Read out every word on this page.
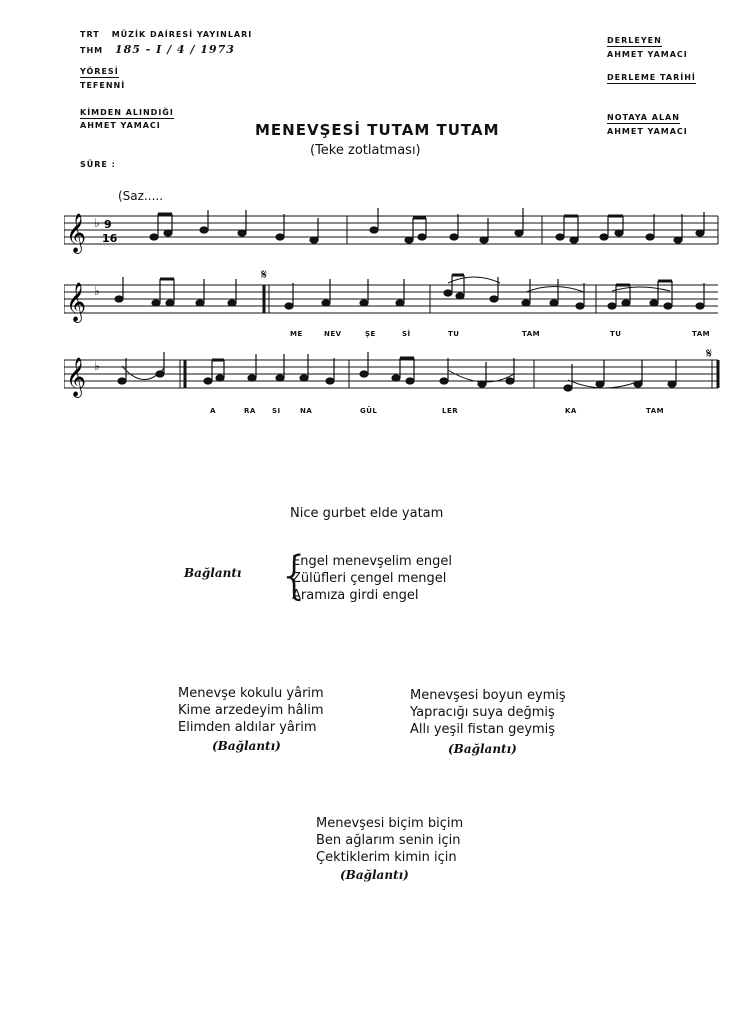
TRT MÜZİK DAİRESİ YAYINLARI
THM 185 - I / 4 / 1973
YÖRESİ
TEFENNİ
KİMDEN ALINDIĞI
AHMET YAMACI
SÜRE :
DERLEYEN
AHMET YAMACI
DERLEME TARİHİ
NOTAYA ALAN
AHMET YAMACI
MENEVŞESİ TUTAM TUTAM
(Teke zotlatması)
(Saz.....
𝄞 ♭ 9
16
𝄞 ♭
𝄋
ME	NEV	ŞE	Sİ	TU	TAM	TU	TAM
𝄞 ♭
𝄋
A	RA SI	NA	GÜL	LER	KA	TAM
Nice gurbet elde yatam
Bağlantı {
Engel menevşelim engel
Zülüfleri çengel mengel
Aramıza girdi engel
Menevşe kokulu yârim
Kime arzedeyim hâlim
Elimden aldılar yârim
(Bağlantı)
Menevşesi boyun eymiş
Yapracığı suya değmiş
Allı yeşil fistan geymiş
(Bağlantı)
Menevşesi biçim biçim
Ben ağlarım senin için
Çektiklerim kimin için
(Bağlantı)
